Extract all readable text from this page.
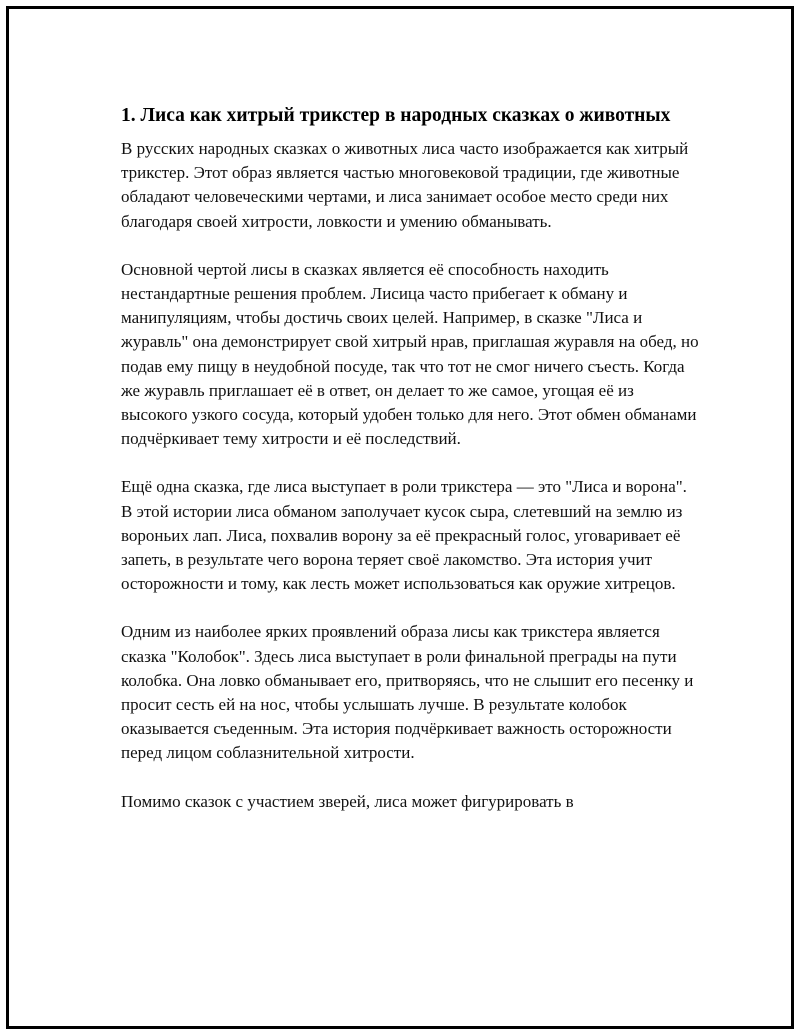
1. Лиса как хитрый трикстер в народных сказках о животных

В русских народных сказках о животных лиса часто изображается как хитрый трикстер. Этот образ является частью многовековой традиции, где животные обладают человеческими чертами, и лиса занимает особое место среди них благодаря своей хитрости, ловкости и умению обманывать.

Основной чертой лисы в сказках является её способность находить нестандартные решения проблем. Лисица часто прибегает к обману и манипуляциям, чтобы достичь своих целей. Например, в сказке "Лиса и журавль" она демонстрирует свой хитрый нрав, приглашая журавля на обед, но подав ему пищу в неудобной посуде, так что тот не смог ничего съесть. Когда же журавль приглашает её в ответ, он делает то же самое, угощая её из высокого узкого сосуда, который удобен только для него. Этот обмен обманами подчёркивает тему хитрости и её последствий.

Ещё одна сказка, где лиса выступает в роли трикстера — это "Лиса и ворона". В этой истории лиса обманом заполучает кусок сыра, слетевший на землю из вороньих лап. Лиса, похвалив ворону за её прекрасный голос, уговаривает её запеть, в результате чего ворона теряет своё лакомство. Эта история учит осторожности и тому, как лесть может использоваться как оружие хитрецов.

Одним из наиболее ярких проявлений образа лисы как трикстера является сказка "Колобок". Здесь лиса выступает в роли финальной преграды на пути колобка. Она ловко обманывает его, притворяясь, что не слышит его песенку и просит сесть ей на нос, чтобы услышать лучше. В результате колобок оказывается съеденным. Эта история подчёркивает важность осторожности перед лицом соблазнительной хитрости.

Помимо сказок с участием зверей, лиса может фигурировать в
